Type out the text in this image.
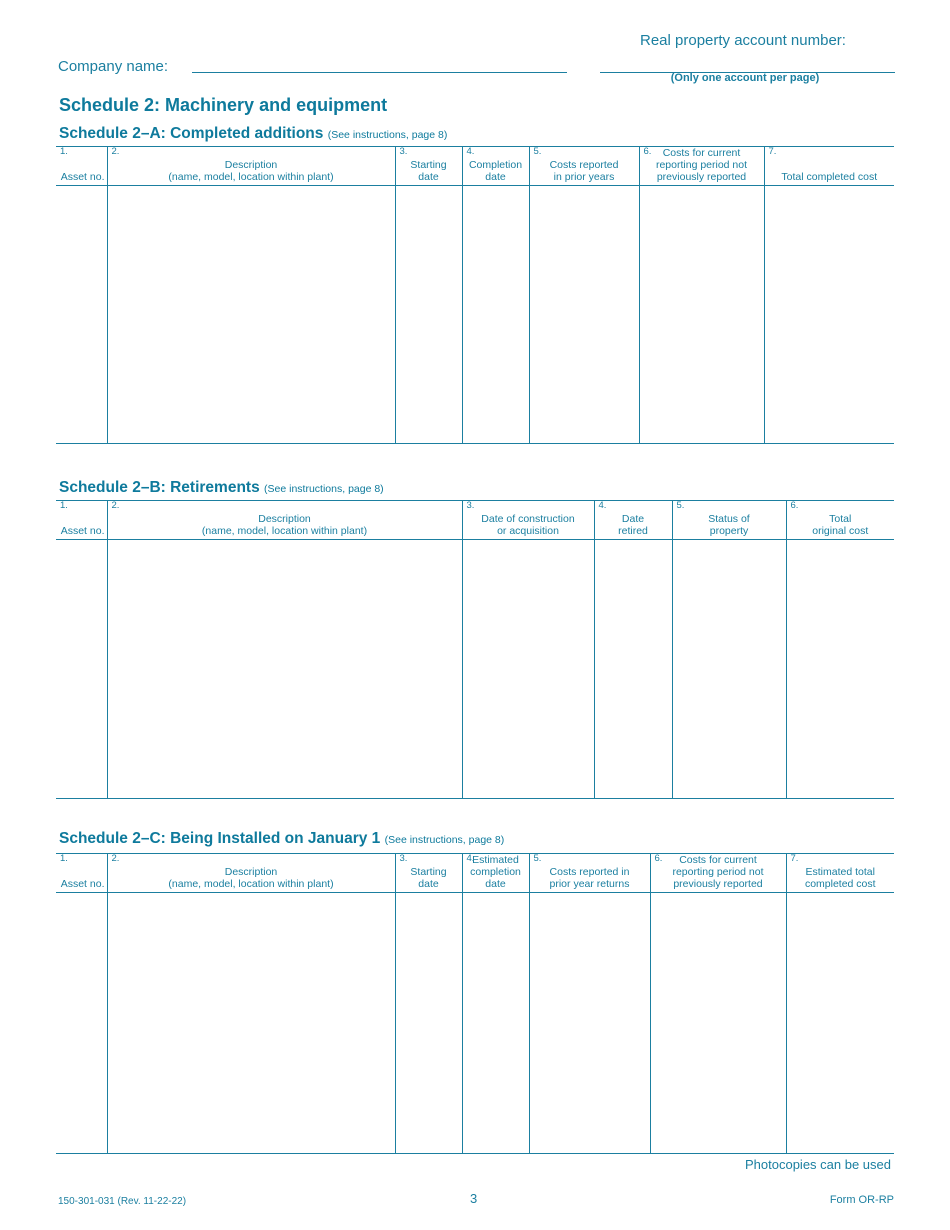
Company name:
Real property account number:
(Only one account per page)
Schedule 2: Machinery and equipment
Schedule 2–A: Completed additions (See instructions, page 8)
1.
Asset no.	2.
Description
(name, model, location within plant)	3.
Starting
date	4.
Completion
date	5.
Costs reported
in prior years	6. Costs for current
reporting period not
previously reported	7.
Total completed cost

Schedule 2–B: Retirements (See instructions, page 8)
1.
Asset no.	2.
Description
(name, model, location within plant)	3.
Date of construction
or acquisition	4.
Date
retired	5.
Status of
property	6.
Total
original cost

Schedule 2–C: Being Installed on January 1 (See instructions, page 8)
1.
Asset no.	2.
Description
(name, model, location within plant)	3.
Starting
date	4.
Estimated
completion
date	5.
Costs reported in
prior year returns	6. Costs for current
reporting period not
previously reported	7.
Estimated total
completed cost

Photocopies can be used
150-301-031 (Rev. 11-22-22)	3	Form OR-RP
